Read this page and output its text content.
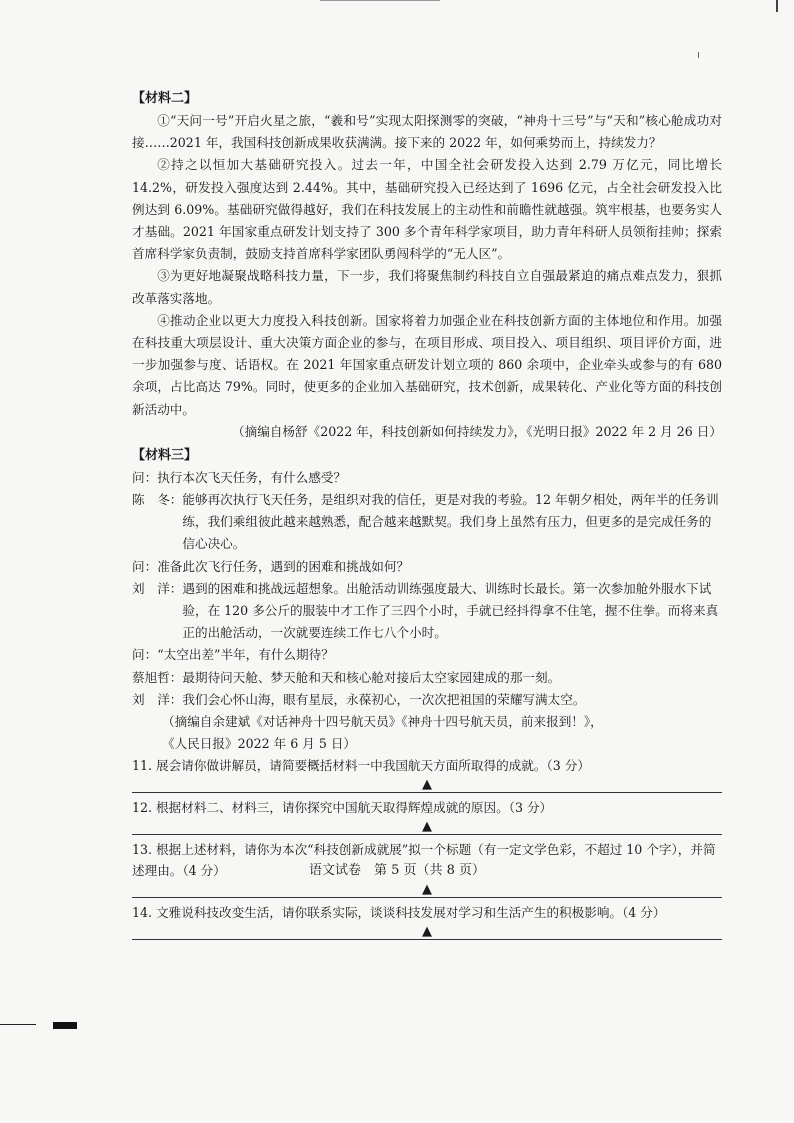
【材料二】

①“天问一号”开启火星之旅，“羲和号”实现太阳探测零的突破，“神舟十三号”与“天和”核心舱成功对接……2021 年，我国科技创新成果收获满满。接下来的 2022 年，如何乘势而上，持续发力？

②持之以恒加大基础研究投入。过去一年，中国全社会研发投入达到 2.79 万亿元，同比增长 14.2%，研发投入强度达到 2.44%。其中，基础研究投入已经达到了 1696 亿元，占全社会研发投入比例达到 6.09%。基础研究做得越好，我们在科技发展上的主动性和前瞻性就越强。筑牢根基，也要务实人才基础。2021 年国家重点研发计划支持了 300 多个青年科学家项目，助力青年科研人员领衔挂帅；探索首席科学家负责制，鼓励支持首席科学家团队勇闯科学的“无人区”。

③为更好地凝聚战略科技力量，下一步，我们将聚焦制约科技自立自强最紧迫的痛点难点发力，狠抓改革落实落地。

④推动企业以更大力度投入科技创新。国家将着力加强企业在科技创新方面的主体地位和作用。加强在科技重大项层设计、重大决策方面企业的参与，在项目形成、项目投入、项目组织、项目评价方面，进一步加强参与度、话语权。在 2021 年国家重点研发计划立项的 860 余项中，企业牵头或参与的有 680 余项，占比高达 79%。同时，使更多的企业加入基础研究，技术创新，成果转化、产业化等方面的科技创新活动中。

（摘编自杨舒《2022 年，科技创新如何持续发力》，《光明日报》2022 年 2 月 26 日）

【材料三】

问： 执行本次飞天任务，有什么感受？
陈　冬： 能够再次执行飞天任务，是组织对我的信任，更是对我的考验。12 年朝夕相处，两年半的任务训练，我们乘组彼此越来越熟悉，配合越来越默契。我们身上虽然有压力，但更多的是完成任务的信心决心。
问： 准备此次飞行任务，遇到的困难和挑战如何？
刘　洋： 遇到的困难和挑战远超想象。出舱活动训练强度最大、训练时长最长。第一次参加舱外服水下试验，在 120 多公斤的服装中才工作了三四个小时，手就已经抖得拿不住笔，握不住拳。而将来真正的出舱活动，一次就要连续工作七八个小时。
问： “太空出差”半年，有什么期待？
蔡旭哲： 最期待问天舱、梦天舱和天和核心舱对接后太空家园建成的那一刻。
刘　洋： 我们会心怀山海，眼有星辰，永葆初心，一次次把祖国的荣耀写满太空。

（摘编自余建斌《对话神舟十四号航天员》《神舟十四号航天员，前来报到！》，

《人民日报》2022 年 6 月 5 日）

11. 展会请你做讲解员，请简要概括材料一中我国航天方面所取得的成就。（3 分）

▲

12. 根据材料二、材料三，请你探究中国航天取得辉煌成就的原因。（3 分）

▲

13. 根据上述材料，请你为本次“科技创新成就展”拟一个标题（有一定文学色彩，不超过 10 个字），并简述理由。（4 分）

▲

14. 文雅说科技改变生活，请你联系实际，谈谈科技发展对学习和生活产生的积极影响。（4 分）

▲
语文试卷　第 5 页（共 8 页）
